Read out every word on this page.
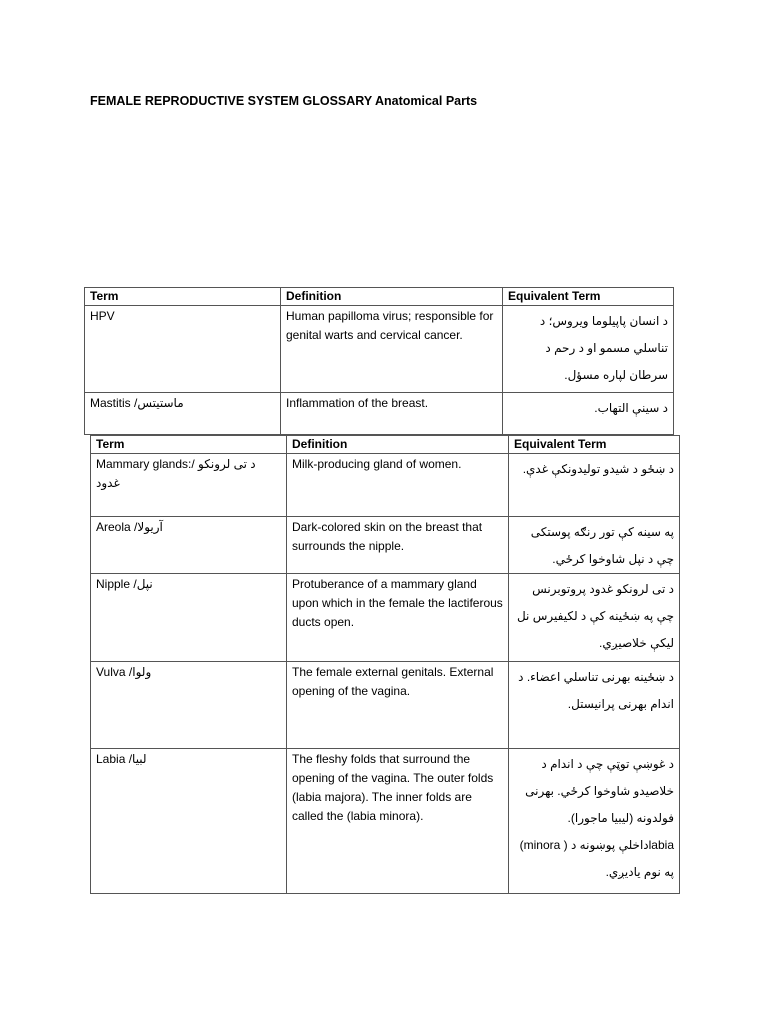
FEMALE REPRODUCTIVE SYSTEM GLOSSARY Anatomical Parts
Term	Definition	Equivalent Term
HPV	Human papilloma virus; responsible for genital warts and cervical cancer.	د انسان پاپیلوما ویروس؛ د تناسلي مسمو او د رحم د سرطان لپاره مسؤل.
Mastitis /ماستیتس	Inflammation of the breast.	د سینې التهاب.
Term	Definition	Equivalent Term
Mammary glands:/ د تی لرونکو غدود	Milk-producing gland of women.	د ښځو د شیدو تولیدونکې غدې.
Areola /آریولا	Dark-colored skin on the breast that surrounds the nipple.	په سینه کې تور رنګه پوستکی چې د نپل شاوخوا کرځي.
Nipple /نپل	Protuberance of a mammary gland upon which in the female the lactiferous ducts open.	د تی لرونکو غدود پروتوبرنس چې په ښځینه کې د لکیفیرس نل لیکې خلاصیږي.
Vulva /ولوا	The female external genitals. External opening of the vagina.	د ښځینه بهرنی تناسلي اعضاء. د اندام بهرنی پرانیستل.
Labia /لبیا	The fleshy folds that surround the opening of the vagina. The outer folds (labia majora). The inner folds are called the (labia minora).	د غوښې توټې چې د اندام د خلاصیدو شاوخوا کرځي. بهرنی فولدونه (لیبیا ماجورا). labiaداخلې پوښونه د ( minora) په نوم یادیږي.
